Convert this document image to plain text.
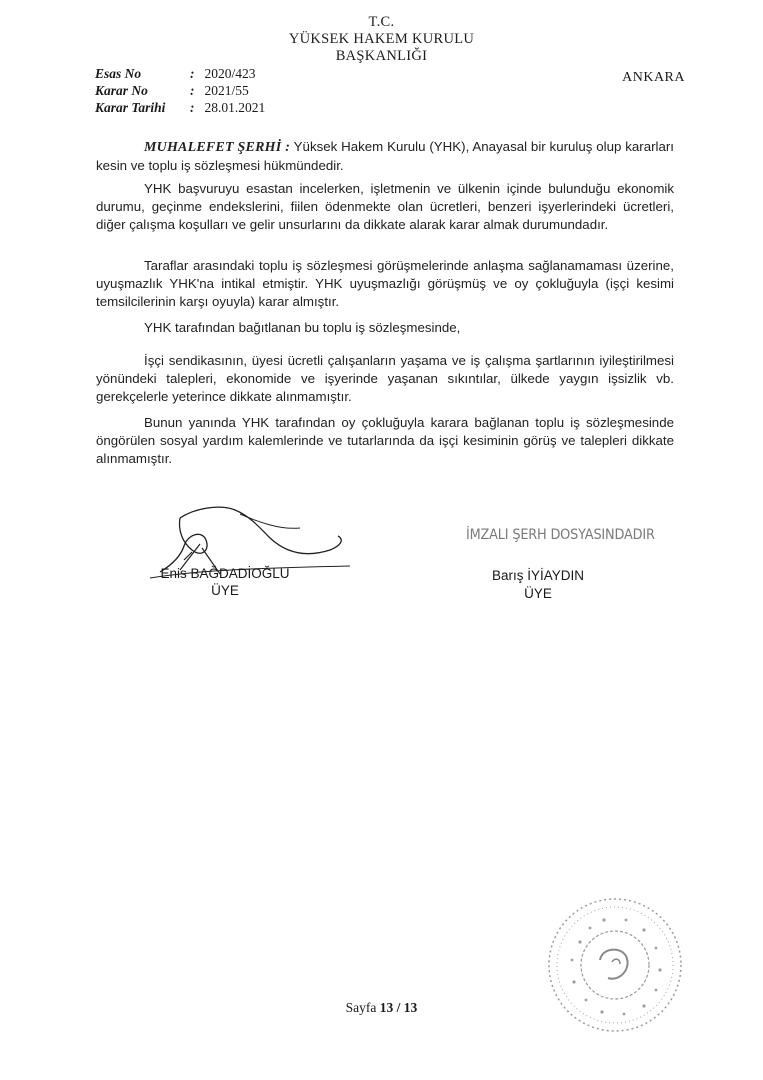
T.C.
YÜKSEK HAKEM KURULU
BAŞKANLIĞI
Esas No	: 2020/423
Karar No	: 2021/55
Karar Tarihi : 28.01.2021
ANKARA
MUHALEFET ŞERHİ : Yüksek Hakem Kurulu (YHK), Anayasal bir kuruluş olup kararları kesin ve toplu iş sözleşmesi hükmündedir.
YHK başvuruyu esastan incelerken, işletmenin ve ülkenin içinde bulunduğu ekonomik durumu, geçinme endekslerini, fiilen ödenmekte olan ücretleri, benzeri işyerlerindeki ücretleri, diğer çalışma koşulları ve gelir unsurlarını da dikkate alarak karar almak durumundadır.
Taraflar arasındaki toplu iş sözleşmesi görüşmelerinde anlaşma sağlanamaması üzerine, uyuşmazlık YHK'na intikal etmiştir. YHK uyuşmazlığı görüşmüş ve oy çokluğuyla (işçi kesimi temsilcilerinin karşı oyuyla) karar almıştır.
YHK tarafından bağıtlanan bu toplu iş sözleşmesinde,
İşçi sendikasının, üyesi ücretli çalışanların yaşama ve iş çalışma şartlarının iyileştirilmesi yönündeki talepleri, ekonomide ve işyerinde yaşanan sıkıntılar, ülkede yaygın işsizlik vb. gerekçelerle yeterince dikkate alınmamıştır.
Bunun yanında YHK tarafından oy çokluğuyla karara bağlanan toplu iş sözleşmesinde öngörülen sosyal yardım kalemlerinde ve tutarlarında da işçi kesiminin görüş ve talepleri dikkate alınmamıştır.
Enis BAĞDADİOĞLU
ÜYE
İMZALI ŞERH DOSYASINDADIR
Barış İYİAYDIN
ÜYE
Sayfa 13 / 13
